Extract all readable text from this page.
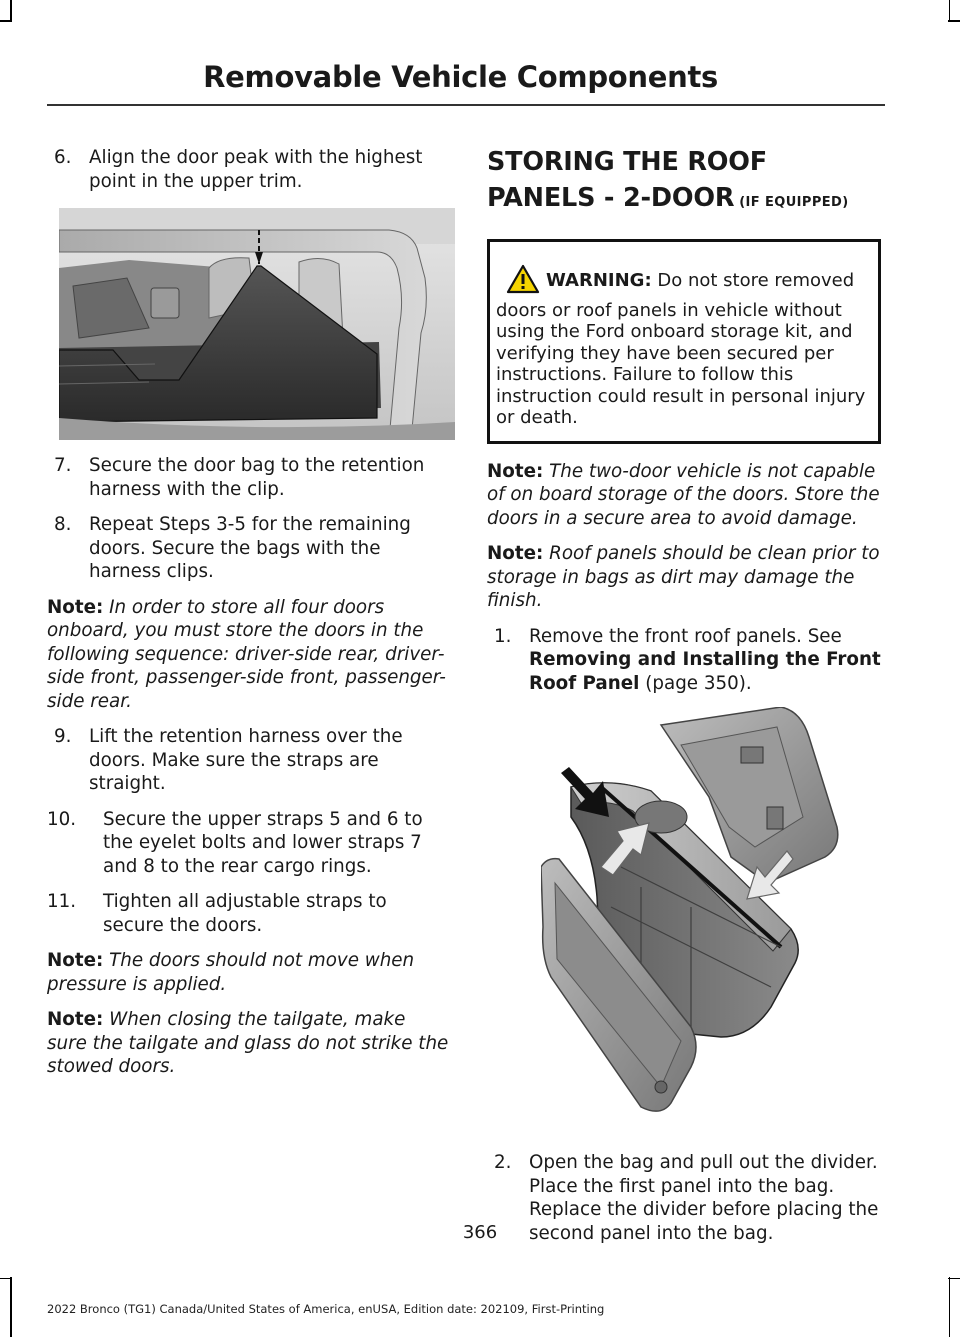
Removable Vehicle Components
6. Align the door peak with the highest point in the upper trim.
7. Secure the door bag to the retention harness with the clip.
8. Repeat Steps 3-5 for the remaining doors. Secure the bags with the harness clips.

Note: In order to store all four doors onboard, you must store the doors in the following sequence: driver-side rear, driver-side front, passenger-side front, passenger-side rear.

9. Lift the retention harness over the doors. Make sure the straps are straight.
10. Secure the upper straps 5 and 6 to the eyelet bolts and lower straps 7 and 8 to the rear cargo rings.
11. Tighten all adjustable straps to secure the doors.

Note: The doors should not move when pressure is applied.

Note: When closing the tailgate, make sure the tailgate and glass do not strike the stowed doors.

STORING THE ROOF PANELS - 2-DOOR (IF EQUIPPED)
WARNING: Do not store removed doors or roof panels in vehicle without using the Ford onboard storage kit, and verifying they have been secured per instructions. Failure to follow this instruction could result in personal injury or death.

Note: The two-door vehicle is not capable of on board storage of the doors. Store the doors in a secure area to avoid damage.

Note: Roof panels should be clean prior to storage in bags as dirt may damage the finish.

1. Remove the front roof panels. See Removing and Installing the Front Roof Panel (page 350).
2. Open the bag and pull out the divider. Place the first panel into the bag. Replace the divider before placing the second panel into the bag.
366
2022 Bronco (TG1) Canada/United States of America, enUSA, Edition date: 202109, First-Printing
